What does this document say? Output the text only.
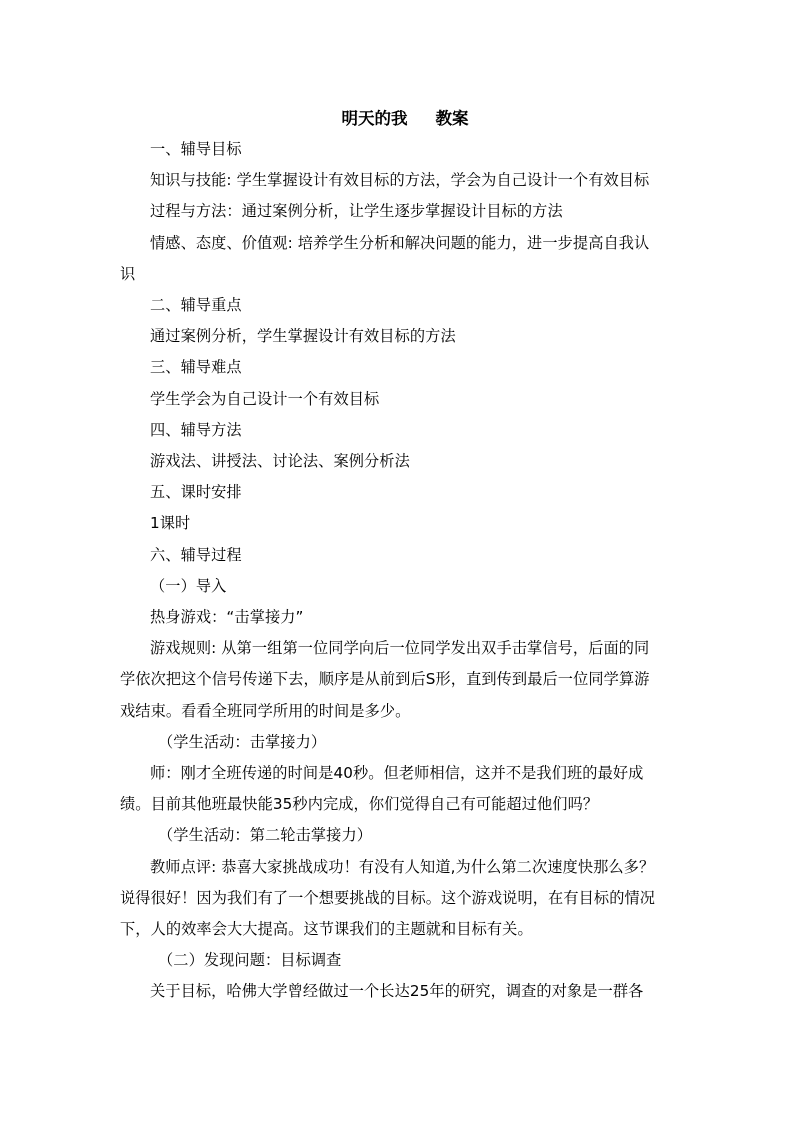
明天的我 教案

一、辅导目标

知识与技能: 学生掌握设计有效目标的方法，学会为自己设计一个有效目标

过程与方法：通过案例分析，让学生逐步掌握设计目标的方法

情感、态度、价值观: 培养学生分析和解决问题的能力，进一步提高自我认

识

二、辅导重点

通过案例分析，学生掌握设计有效目标的方法

三、辅导难点

学生学会为自己设计一个有效目标

四、辅导方法

游戏法、讲授法、讨论法、案例分析法

五、课时安排

1课时

六、辅导过程

（一）导入

热身游戏：“击掌接力”

游戏规则: 从第一组第一位同学向后一位同学发出双手击掌信号，后面的同

学依次把这个信号传递下去，顺序是从前到后S形，直到传到最后一位同学算游

戏结束。看看全班同学所用的时间是多少。

（学生活动：击掌接力）

师：刚才全班传递的时间是40秒。但老师相信，这并不是我们班的最好成

绩。目前其他班最快能35秒内完成，你们觉得自己有可能超过他们吗？

（学生活动：第二轮击掌接力）

教师点评: 恭喜大家挑战成功！有没有人知道,为什么第二次速度快那么多？

说得很好！因为我们有了一个想要挑战的目标。这个游戏说明，在有目标的情况

下，人的效率会大大提高。这节课我们的主题就和目标有关。

（二）发现问题：目标调查

关于目标，哈佛大学曾经做过一个长达25年的研究，调查的对象是一群各
